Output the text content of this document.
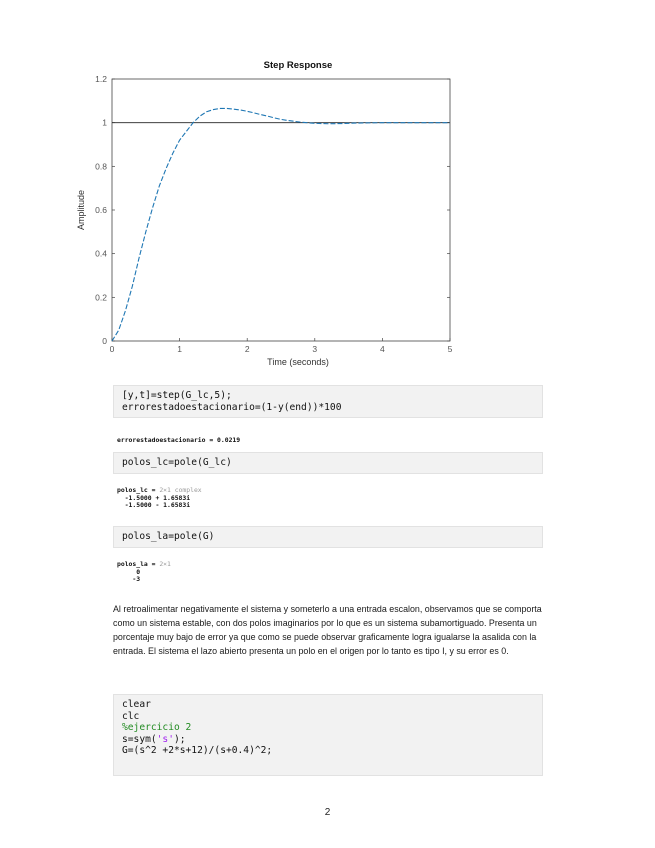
Step Response
0	1	2	3	4	5
0
0.2
0.4
0.6
0.8
1
1.2
Time (seconds)
Amplitude
[y,t]=step(G_lc,5);
errorestadoestacionario=(1-y(end))*100
errorestadoestacionario = 0.0219
polos_lc=pole(G_lc)
polos_lc = 2×1 complex
-1.5000 + 1.6583i
-1.5000 - 1.6583i
polos_la=pole(G)
polos_la = 2×1
0
-3
Al retroalimentar negativamente el sistema y someterlo a una entrada escalon, observamos que se comporta como un sistema estable, con dos polos imaginarios por lo que es un sistema subamortiguado. Presenta un porcentaje muy bajo de error ya que como se puede observar graficamente logra igualarse la asalida con la entrada. El sistema el lazo abierto presenta un polo en el origen por lo tanto es tipo I, y su error es 0.
clear
clc
%ejercicio 2
s=sym('s');
G=(s^2 +2*s+12)/(s+0.4)^2;
2
